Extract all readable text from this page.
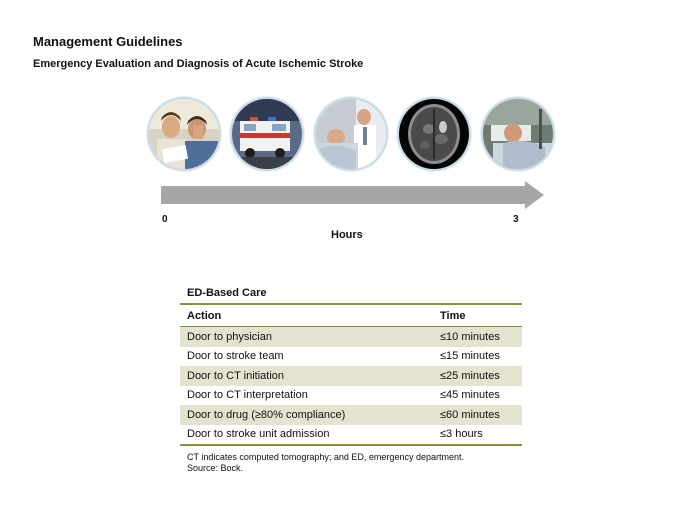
Management Guidelines
Emergency Evaluation and Diagnosis of Acute Ischemic Stroke
0	3
Hours
ED-Based Care
Action	Time
Door to physician	≤10 minutes
Door to stroke team	≤15 minutes
Door to CT initiation	≤25 minutes
Door to CT interpretation	≤45 minutes
Door to drug (≥80% compliance)	≤60 minutes
Door to stroke unit admission	≤3 hours
CT indicates computed tomography; and ED, emergency department.
Source: Bock.
